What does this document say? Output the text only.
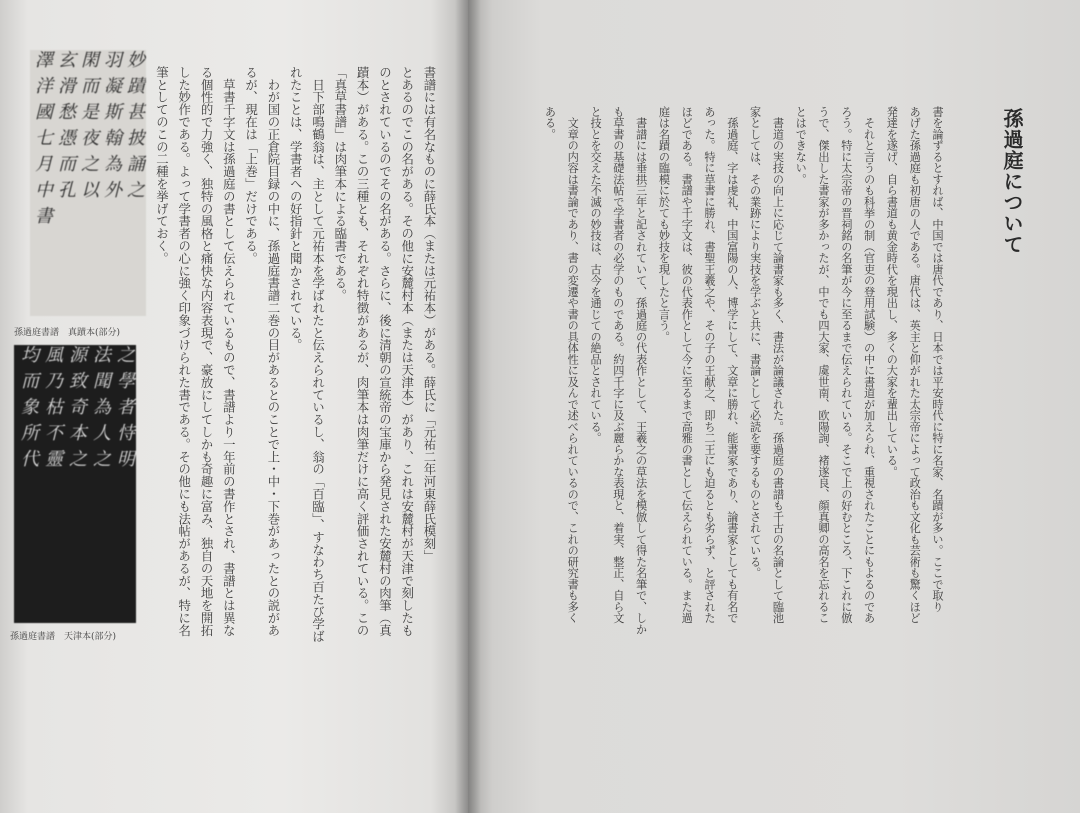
孫過庭について
書を論ずるとすれば、中国では唐代であり、日本では平安時代に特に名家、名蹟が多い。ここで取り
あげた孫過庭も初唐の人である。唐代は、英主と仰がれた太宗帝によって政治も文化も芸術も驚くほど
発達を遂げ、自ら書道も黄金時代を現出し、多くの大家を輩出している。
　それと言うのも科挙の制（官吏の登用試験）の中に書道が加えられ、重視されたことにもよるのであ
ろう。特に太宗帝の晋祠銘の名筆が今に至るまで伝えられている。そこで上の好むところ、下これに倣
うで、傑出した書家が多かったが、中でも四大家、虞世南、欧陽詢、褚遂良、顔真卿の高名を忘れるこ
とはできない。
　書道の実技の向上に応じて論書家も多く、書法が論議された。孫過庭の書譜も千古の名論として臨池
家としては、その業跡により実技を学ぶと共に、書論として必読を要するものとされている。
　孫過庭、字は虔礼、中国富陽の人、博学にして、文章に勝れ、能書家であり、論書家としても有名で
あった。特に草書に勝れ、書聖王羲之や、その子の王献之、即ち二王にも迫るとも劣らず、と評された
ほどである。書譜や千字文は、彼の代表作として今に至るまで高雅の書として伝えられている。また過
庭は名蹟の臨模に於ても妙技を現したと言う。
　書譜には垂拱三年と記されていて、孫過庭の代表作として、王羲之の草法を模倣して得た名筆で、しか
も草書の基礎法帖で学書者の必学のものである。約四千字に及ぶ麗らかな表現と、着実、整正、自ら文
と技とを交えた不滅の妙技は、古今を通じての絶品とされている。
　文章の内容は書論であり、書の変遷や書の具体性に及んで述べられているので、これの研究書も多く
ある。
書譜には有名なものに薛氏本（または元祐本）がある。薛氏に「元祐二年河東薛氏模刻」
とあるのでこの名がある。その他に安麓村本（または天津本）があり、これは安麓村が天津で刻したも
のとされているのでその名がある。さらに、後に清朝の宣統帝の宝庫から発見された安麓村の肉筆（真
蹟本）がある。この三種とも、それぞれ特徴があるが、肉筆本は肉筆だけに高く評価されている。この
「真草書譜」は肉筆本による臨書である。
　日下部鳴鶴翁は、主として元祐本を学ばれたと伝えられているし、翁の「百臨」、すなわち百たび学ば
れたことは、学書者への好指針と聞かされている。
　わが国の正倉院目録の中に、孫過庭書譜二巻の目があるとのことで上・中・下巻があったとの説があ
るが、現在は「上巻」だけである。
　草書千字文は孫過庭の書として伝えられているもので、書譜より一年前の書作とされ、書譜とは異な
る個性的で力強く、独特の風格と痛快な内容表現で、豪放にしてしかも奇趣に富み、独自の天地を開拓
した妙作である。よって学書者の心に強く印象づけられた書である。その他にも法帖があるが、特に名
筆としてのこの二種を挙げておく。
妙蹟甚披誦之
羽凝斯翰為外
閑而是夜之以
玄滑愁憑而孔
澤洋國七月中書
孫過庭書譜　真蹟本(部分)
之學者恃明
法聞為人之
源致奇本之
風乃枯不靈
均而象所代
孫過庭書譜　天津本(部分)
